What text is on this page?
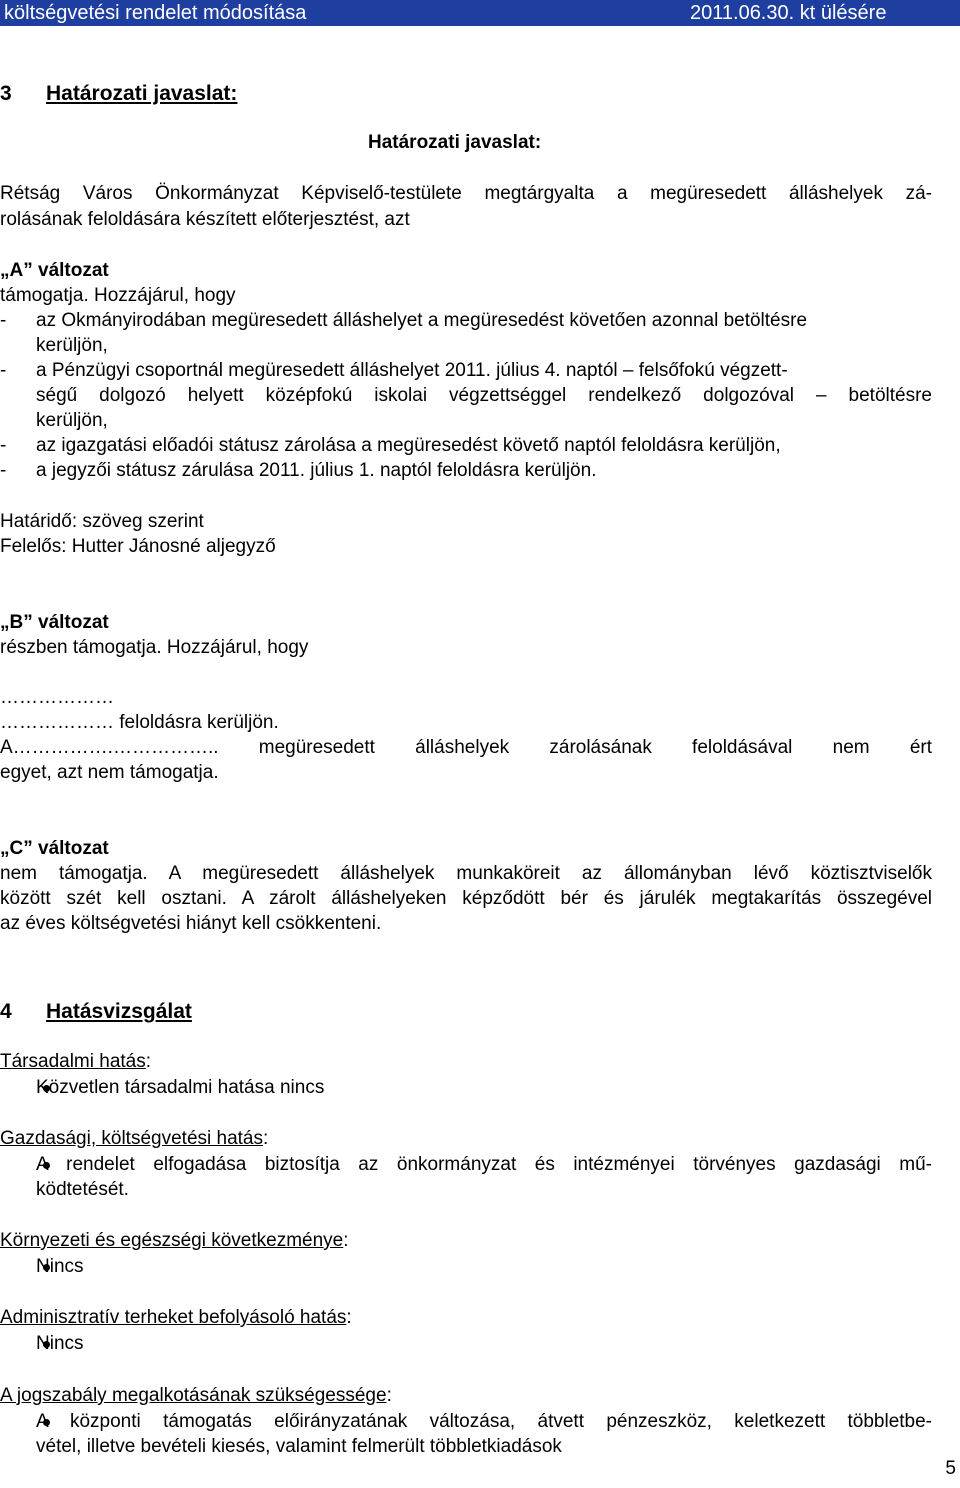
költségvetési rendelet módosítása	2011.06.30. kt ülésére
3 Határozati javaslat:
Határozati javaslat:
Rétság Város Önkormányzat Képviselő-testülete megtárgyalta a megüresedett álláshelyek zá-
rolásának feloldására készített előterjesztést, azt
„A” változat
támogatja. Hozzájárul, hogy
- az Okmányirodában megüresedett álláshelyet a megüresedést követően azonnal betöltésre
kerüljön,
- a Pénzügyi csoportnál megüresedett álláshelyet 2011. július 4. naptól – felsőfokú végzett-
ségű dolgozó helyett középfokú iskolai végzettséggel rendelkező dolgozóval – betöltésre
kerüljön,
- az igazgatási előadói státusz zárolása a megüresedést követő naptól feloldásra kerüljön,
- a jegyzői státusz zárulása 2011. július 1. naptól feloldásra kerüljön.
Határidő: szöveg szerint
Felelős: Hutter Jánosné aljegyző
„B” változat
részben támogatja. Hozzájárul, hogy
………………
……………… feloldásra kerüljön.
A…………….…………….. megüresedett álláshelyek zárolásának feloldásával nem ért
egyet, azt nem támogatja.
„C” változat
nem támogatja. A megüresedett álláshelyek munkaköreit az állományban lévő köztisztviselők
között szét kell osztani. A zárolt álláshelyeken képződött bér és járulék megtakarítás összegével
az éves költségvetési hiányt kell csökkenteni.
4 Hatásvizsgálat
Társadalmi hatás:
Közvetlen társadalmi hatása nincs
Gazdasági, költségvetési hatás:
A rendelet elfogadása biztosítja az önkormányzat és intézményei törvényes gazdasági mű-
ködtetését.
Környezeti és egészségi következménye:
Nincs
Adminisztratív terheket befolyásoló hatás:
Nincs
A jogszabály megalkotásának szükségessége:
A központi támogatás előirányzatának változása, átvett pénzeszköz, keletkezett többletbe-
vétel, illetve bevételi kiesés, valamint felmerült többletkiadások
5
